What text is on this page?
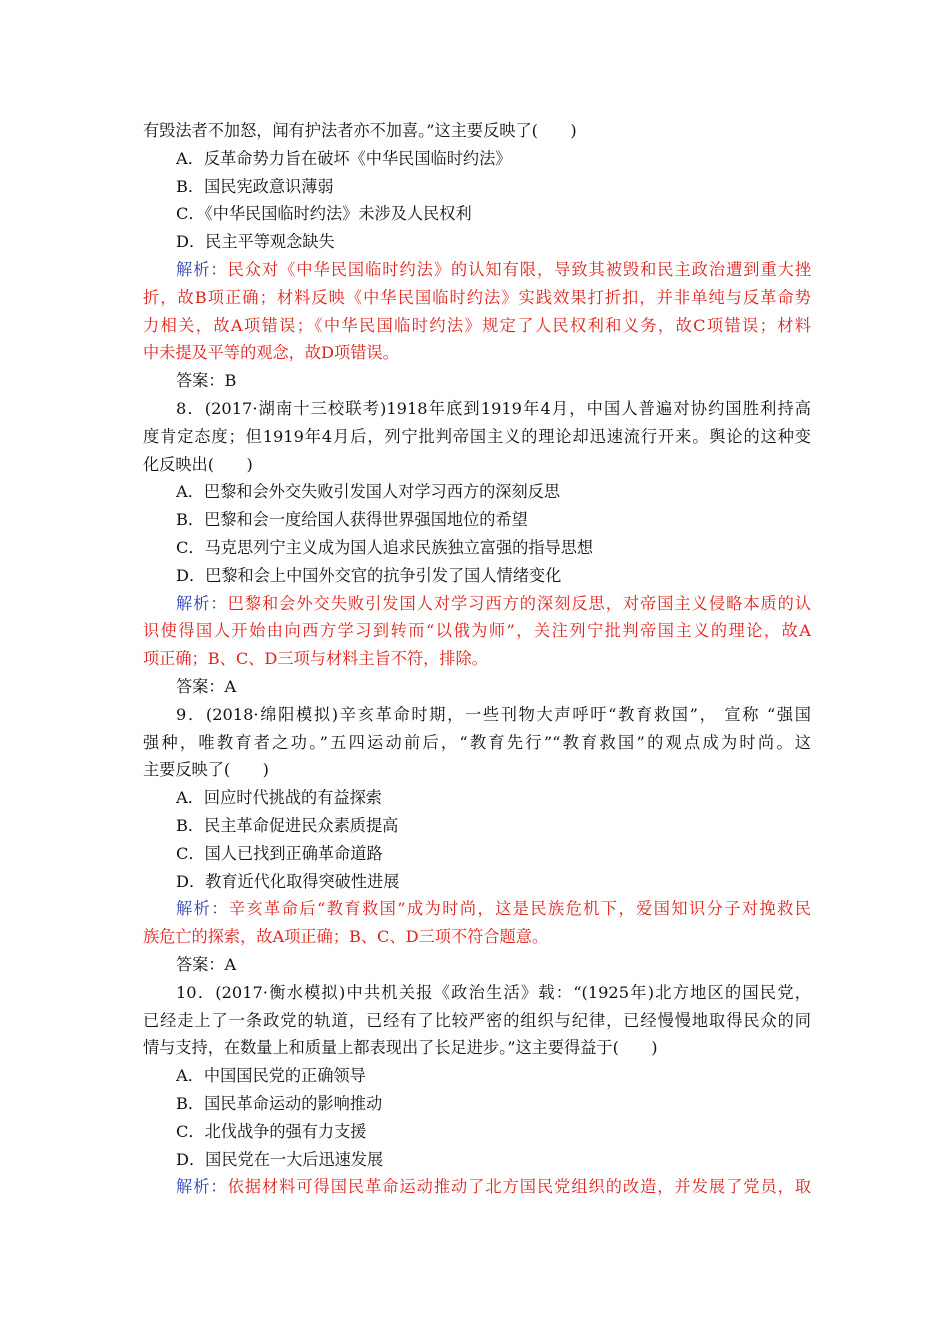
有毁法者不加怒，闻有护法者亦不加喜。”这主要反映了(　　)
A．反革命势力旨在破坏《中华民国临时约法》
B．国民宪政意识薄弱
C．《中华民国临时约法》未涉及人民权利
D．民主平等观念缺失
解析：民众对《中华民国临时约法》的认知有限，导致其被毁和民主政治遭到重大挫
折，故B项正确；材料反映《中华民国临时约法》实践效果打折扣，并非单纯与反革命势
力相关，故A项错误；《中华民国临时约法》规定了人民权利和义务，故C项错误；材料
中未提及平等的观念，故D项错误。
答案：B
8．(2017·湖南十三校联考)1918年底到1919年4月，中国人普遍对协约国胜利持高
度肯定态度；但1919年4月后，列宁批判帝国主义的理论却迅速流行开来。舆论的这种变
化反映出(　　)
A．巴黎和会外交失败引发国人对学习西方的深刻反思
B．巴黎和会一度给国人获得世界强国地位的希望
C．马克思列宁主义成为国人追求民族独立富强的指导思想
D．巴黎和会上中国外交官的抗争引发了国人情绪变化
解析：巴黎和会外交失败引发国人对学习西方的深刻反思，对帝国主义侵略本质的认
识使得国人开始由向西方学习到转而“以俄为师”，关注列宁批判帝国主义的理论，故A
项正确；B、C、D三项与材料主旨不符，排除。
答案：A
9．(2018·绵阳模拟)辛亥革命时期，一些刊物大声呼吁“教育救国”， 宣称 “强国
强种，唯教育者之功。”五四运动前后，“教育先行”“教育救国”的观点成为时尚。这
主要反映了(　　)
A．回应时代挑战的有益探索
B．民主革命促进民众素质提高
C．国人已找到正确革命道路
D．教育近代化取得突破性进展
解析：辛亥革命后“教育救国”成为时尚，这是民族危机下，爱国知识分子对挽救民
族危亡的探索，故A项正确；B、C、D三项不符合题意。
答案：A
10．(2017·衡水模拟)中共机关报《政治生活》载：“(1925年)北方地区的国民党，
已经走上了一条政党的轨道，已经有了比较严密的组织与纪律，已经慢慢地取得民众的同
情与支持，在数量上和质量上都表现出了长足进步。”这主要得益于(　　)
A．中国国民党的正确领导
B．国民革命运动的影响推动
C．北伐战争的强有力支援
D．国民党在一大后迅速发展
解析：依据材料可得国民革命运动推动了北方国民党组织的改造，并发展了党员，取
